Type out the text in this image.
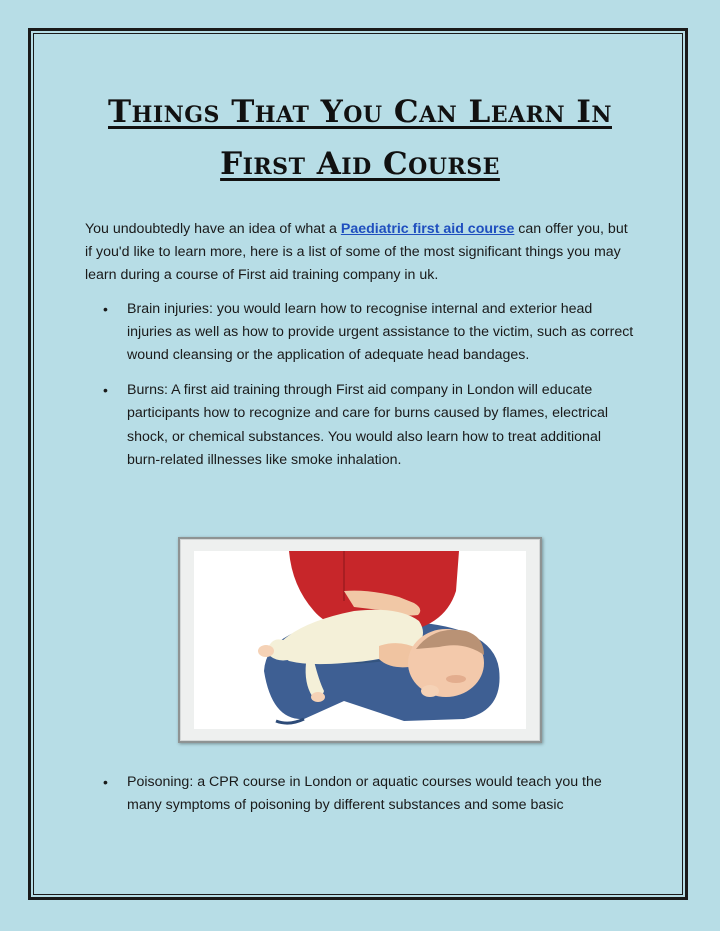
Things That You Can Learn In
First Aid Course

You undoubtedly have an idea of what a Paediatric first aid course can offer you, but if you'd like to learn more, here is a list of some of the most significant things you may learn during a course of First aid training company in uk.

• Brain injuries: you would learn how to recognise internal and exterior head injuries as well as how to provide urgent assistance to the victim, such as correct wound cleansing or the application of adequate head bandages.
• Burns: A first aid training through First aid company in London will educate participants how to recognize and care for burns caused by flames, electrical shock, or chemical substances. You would also learn how to treat additional burn-related illnesses like smoke inhalation.
• Poisoning: a CPR course in London or aquatic courses would teach you the many symptoms of poisoning by different substances and some basic
